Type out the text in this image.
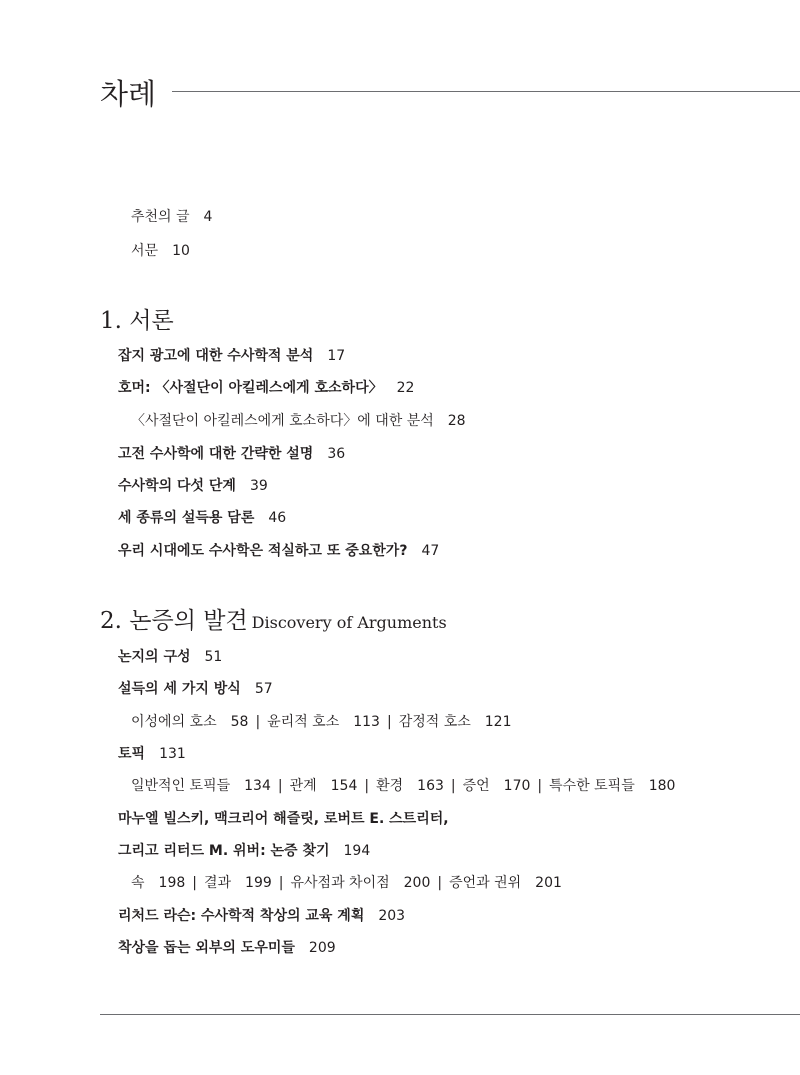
차례
추천의 글 4
서문 10
1. 서론
잡지 광고에 대한 수사학적 분석 17
호머: 〈사절단이 아킬레스에게 호소하다〉 22
〈사절단이 아킬레스에게 호소하다〉에 대한 분석 28
고전 수사학에 대한 간략한 설명 36
수사학의 다섯 단계 39
세 종류의 설득용 담론 46
우리 시대에도 수사학은 적실하고 또 중요한가? 47
2. 논증의 발견 Discovery of Arguments
논지의 구성 51
설득의 세 가지 방식 57
이성에의 호소 58 | 윤리적 호소 113 | 감정적 호소 121
토픽 131
일반적인 토픽들 134 | 관계 154 | 환경 163 | 증언 170 | 특수한 토픽들 180
마누엘 빌스키, 맥크리어 해즐릿, 로버트 E. 스트리터,
그리고 리터드 M. 위버: 논증 찾기 194
속 198 | 결과 199 | 유사점과 차이점 200 | 증언과 권위 201
리처드 라슨: 수사학적 착상의 교육 계획 203
착상을 돕는 외부의 도우미들 209
